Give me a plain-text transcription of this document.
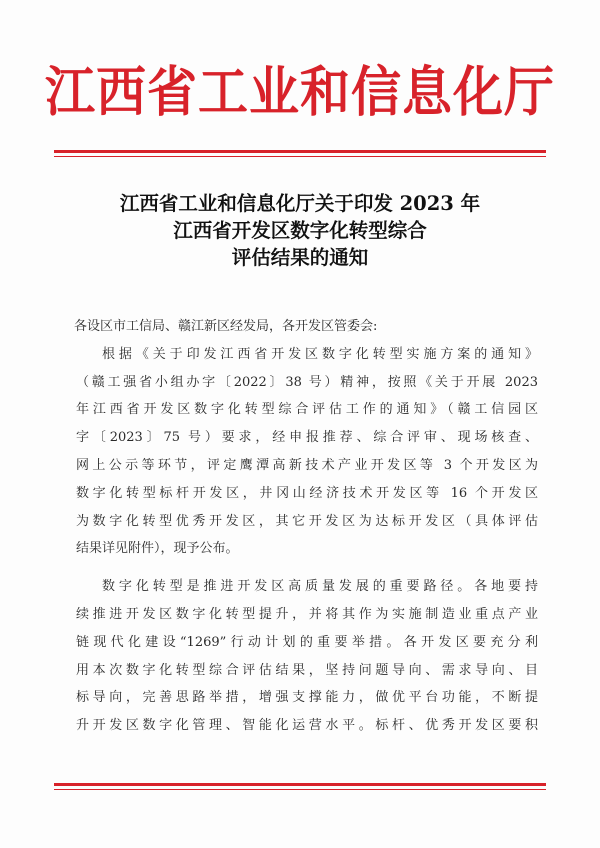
江西省工业和信息化厅
江西省工业和信息化厅关于印发 2023 年
江西省开发区数字化转型综合
评估结果的通知
各设区市工信局、赣江新区经发局，各开发区管委会:
根据《关于印发江西省开发区数字化转型实施方案的通知》
（赣工强省小组办字〔2022〕38 号）精神，按照《关于开展 2023
年江西省开发区数字化转型综合评估工作的通知》（赣工信园区
字〔2023〕75 号）要求，经申报推荐、综合评审、现场核查、
网上公示等环节，评定鹰潭高新技术产业开发区等 3 个开发区为
数字化转型标杆开发区，井冈山经济技术开发区等 16 个开发区
为数字化转型优秀开发区，其它开发区为达标开发区（具体评估
结果详见附件），现予公布。
数字化转型是推进开发区高质量发展的重要路径。各地要持
续推进开发区数字化转型提升，并将其作为实施制造业重点产业
链现代化建设“1269”行动计划的重要举措。各开发区要充分利
用本次数字化转型综合评估结果，坚持问题导向、需求导向、目
标导向，完善思路举措，增强支撑能力，做优平台功能，不断提
升开发区数字化管理、智能化运营水平。标杆、优秀开发区要积
